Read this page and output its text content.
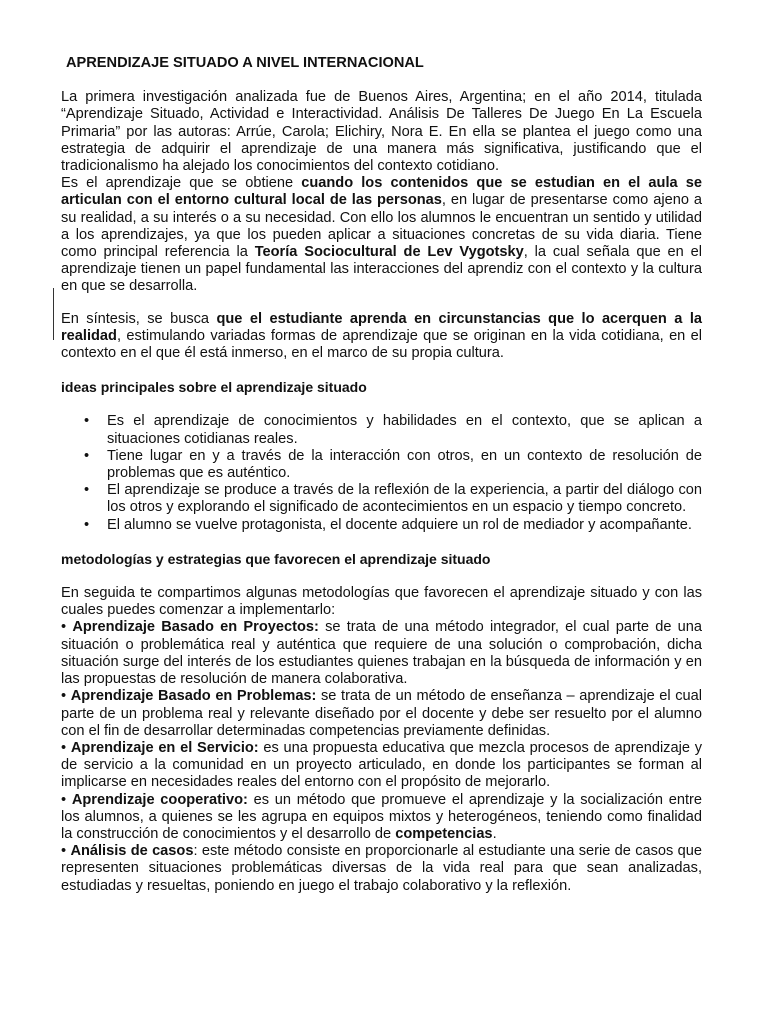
APRENDIZAJE SITUADO A NIVEL INTERNACIONAL

La primera investigación analizada fue de Buenos Aires, Argentina; en el año 2014, titulada “Aprendizaje Situado, Actividad e Interactividad. Análisis De Talleres De Juego En La Escuela Primaria” por las autoras: Arrúe, Carola; Elichiry, Nora E. En ella se plantea el juego como una estrategia de adquirir el aprendizaje de una manera más significativa, justificando que el tradicionalismo ha alejado los conocimientos del contexto cotidiano.

Es el aprendizaje que se obtiene cuando los contenidos que se estudian en el aula se articulan con el entorno cultural local de las personas, en lugar de presentarse como ajeno a su realidad, a su interés o a su necesidad. Con ello los alumnos le encuentran un sentido y utilidad a los aprendizajes, ya que los pueden aplicar a situaciones concretas de su vida diaria. Tiene como principal referencia la Teoría Sociocultural de Lev Vygotsky, la cual señala que en el aprendizaje tienen un papel fundamental las interacciones del aprendiz con el contexto y la cultura en que se desarrolla.

En síntesis, se busca que el estudiante aprenda en circunstancias que lo acerquen a la realidad, estimulando variadas formas de aprendizaje que se originan en la vida cotidiana, en el contexto en el que él está inmerso, en el marco de su propia cultura.

ideas principales sobre el aprendizaje situado

• Es el aprendizaje de conocimientos y habilidades en el contexto, que se aplican a situaciones cotidianas reales.
• Tiene lugar en y a través de la interacción con otros, en un contexto de resolución de problemas que es auténtico.
• El aprendizaje se produce a través de la reflexión de la experiencia, a partir del diálogo con los otros y explorando el significado de acontecimientos en un espacio y tiempo concreto.
• El alumno se vuelve protagonista, el docente adquiere un rol de mediador y acompañante.

metodologías y estrategias que favorecen el aprendizaje situado

En seguida te compartimos algunas metodologías que favorecen el aprendizaje situado y con las cuales puedes comenzar a implementarlo:

• Aprendizaje Basado en Proyectos: se trata de una método integrador, el cual parte de una situación o problemática real y auténtica que requiere de una solución o comprobación, dicha situación surge del interés de los estudiantes quienes trabajan en la búsqueda de información y en las propuestas de resolución de manera colaborativa.

• Aprendizaje Basado en Problemas: se trata de un método de enseñanza – aprendizaje el cual parte de un problema real y relevante diseñado por el docente y debe ser resuelto por el alumno con el fin de desarrollar determinadas competencias previamente definidas.

• Aprendizaje en el Servicio: es una propuesta educativa que mezcla procesos de aprendizaje y de servicio a la comunidad en un proyecto articulado, en donde los participantes se forman al implicarse en necesidades reales del entorno con el propósito de mejorarlo.

• Aprendizaje cooperativo: es un método que promueve el aprendizaje y la socialización entre los alumnos, a quienes se les agrupa en equipos mixtos y heterogéneos, teniendo como finalidad la construcción de conocimientos y el desarrollo de competencias.

• Análisis de casos: este método consiste en proporcionarle al estudiante una serie de casos que representen situaciones problemáticas diversas de la vida real para que sean analizadas, estudiadas y resueltas, poniendo en juego el trabajo colaborativo y la reflexión.
